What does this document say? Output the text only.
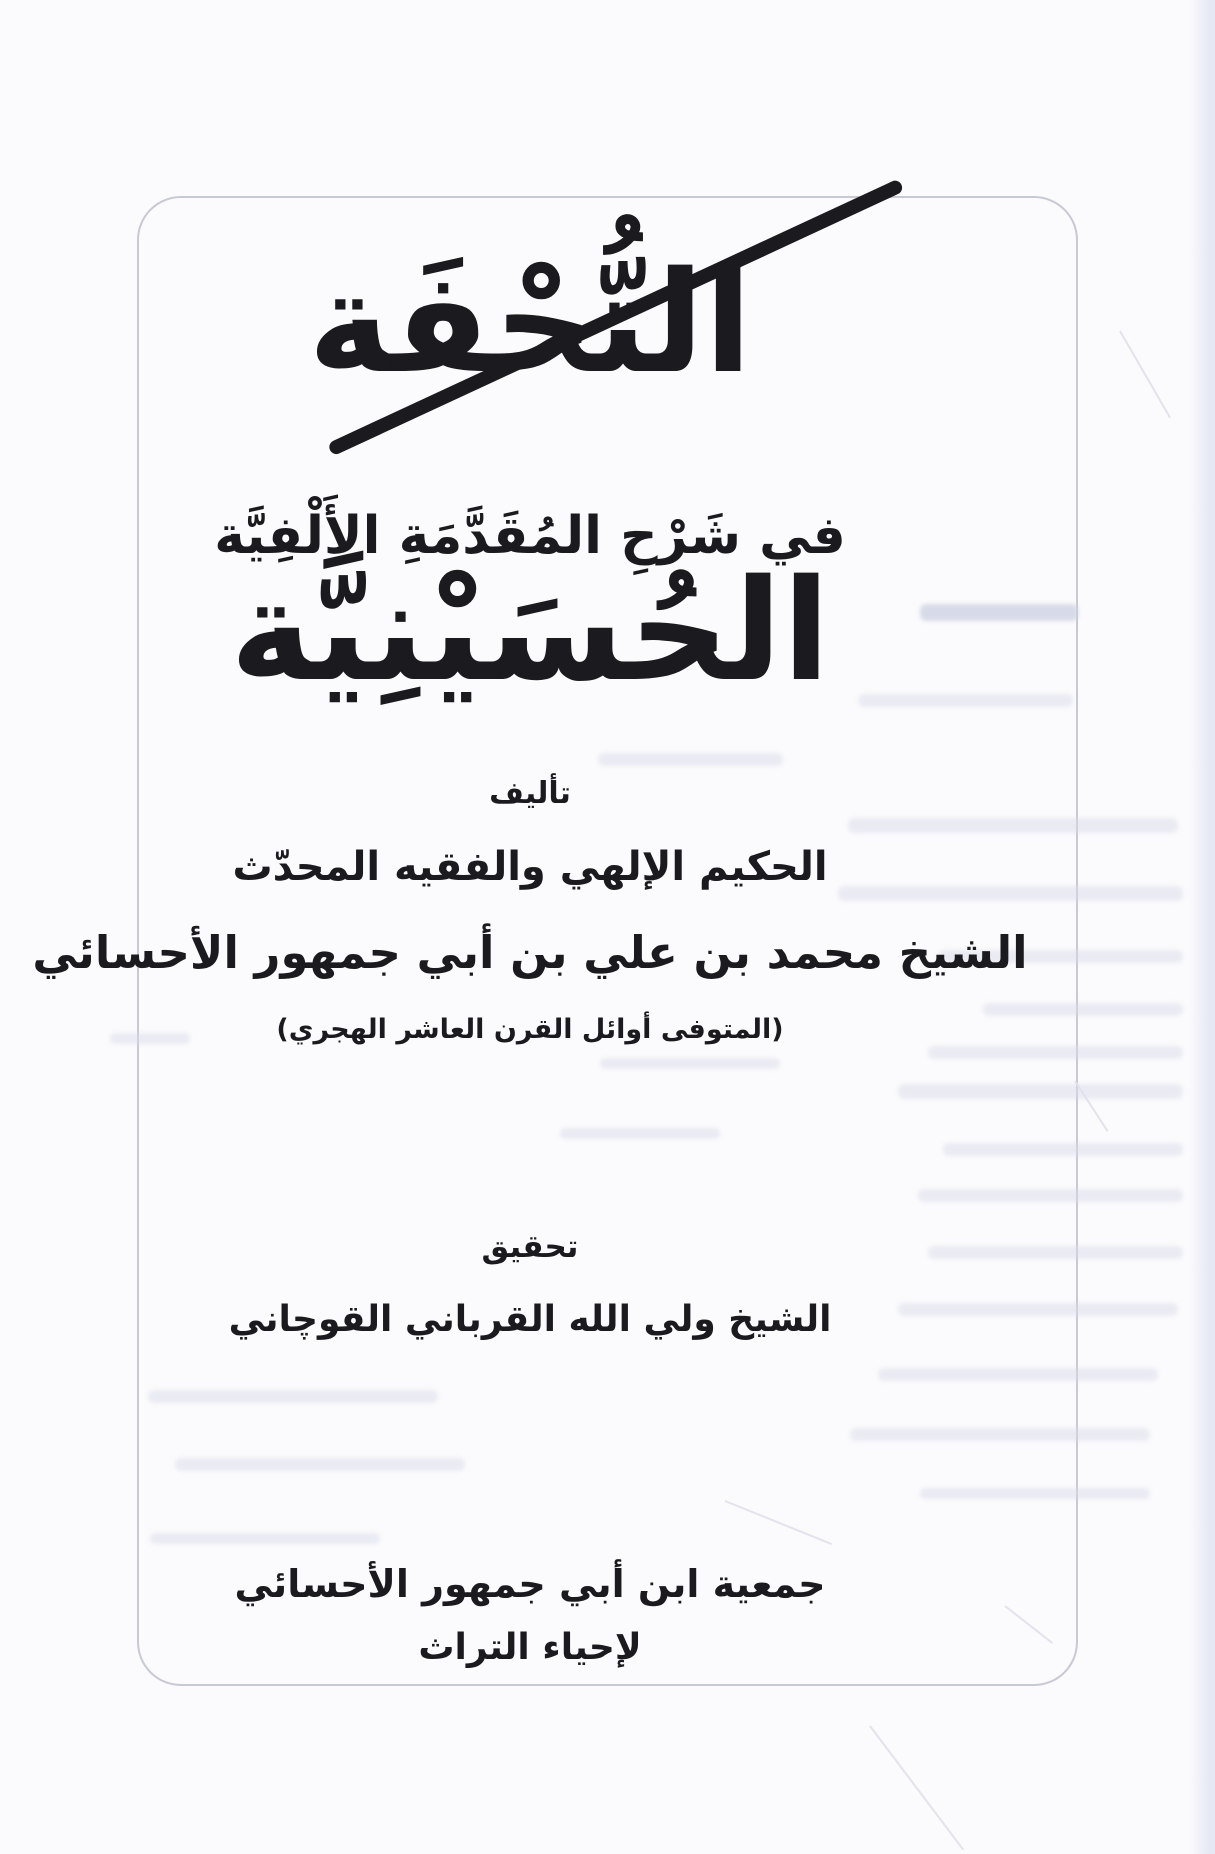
التُّحْفَة الحُسَيْنِيَّة
في شَرْحِ المُقَدَّمَةِ الأَلْفِيَّة
تأليف
الحكيم الإلهي والفقيه المحدّث
الشيخ محمد بن علي بن أبي جمهور الأحسائي
(المتوفى أوائل القرن العاشر الهجري)
تحقيق
الشيخ ولي الله القرباني القوچاني
جمعية ابن أبي جمهور الأحسائي
لإحياء التراث
